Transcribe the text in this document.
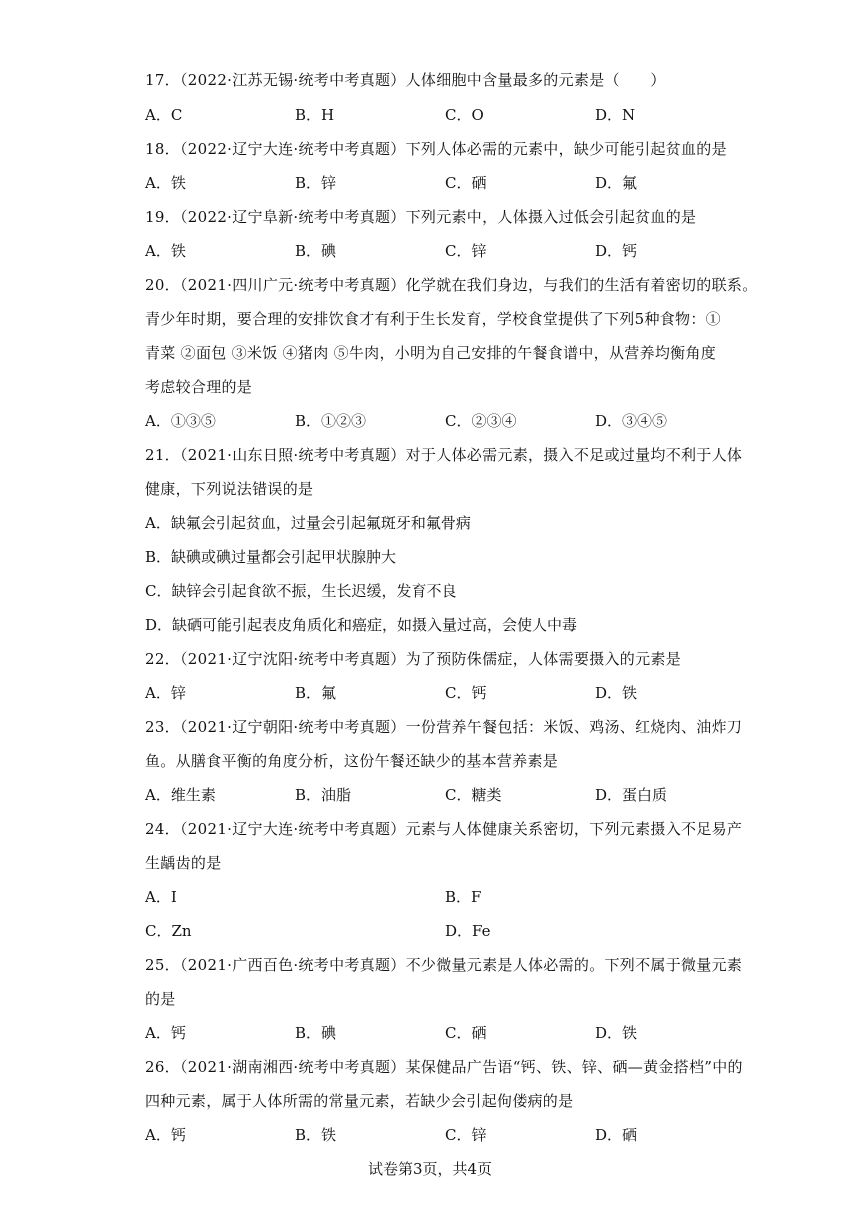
17．（2022·江苏无锡·统考中考真题）人体细胞中含量最多的元素是（　　）
A．C	B．H	C．O	D．N
18．（2022·辽宁大连·统考中考真题）下列人体必需的元素中，缺少可能引起贫血的是
A．铁	B．锌	C．硒	D．氟
19．（2022·辽宁阜新·统考中考真题）下列元素中，人体摄入过低会引起贫血的是
A．铁	B．碘	C．锌	D．钙
20．（2021·四川广元·统考中考真题）化学就在我们身边，与我们的生活有着密切的联系。
青少年时期，要合理的安排饮食才有利于生长发育，学校食堂提供了下列5种食物：①
青菜 ②面包 ③米饭 ④猪肉 ⑤牛肉，小明为自己安排的午餐食谱中，从营养均衡角度
考虑较合理的是
A．①③⑤	B．①②③	C．②③④	D．③④⑤
21．（2021·山东日照·统考中考真题）对于人体必需元素，摄入不足或过量均不利于人体
健康，下列说法错误的是
A．缺氟会引起贫血，过量会引起氟斑牙和氟骨病
B．缺碘或碘过量都会引起甲状腺肿大
C．缺锌会引起食欲不振，生长迟缓，发育不良
D．缺硒可能引起表皮角质化和癌症，如摄入量过高，会使人中毒
22．（2021·辽宁沈阳·统考中考真题）为了预防侏儒症，人体需要摄入的元素是
A．锌	B．氟	C．钙	D．铁
23．（2021·辽宁朝阳·统考中考真题）一份营养午餐包括：米饭、鸡汤、红烧肉、油炸刀
鱼。从膳食平衡的角度分析，这份午餐还缺少的基本营养素是
A．维生素	B．油脂	C．糖类	D．蛋白质
24．（2021·辽宁大连·统考中考真题）元素与人体健康关系密切，下列元素摄入不足易产
生龋齿的是
A．I	B．F
C．Zn	D．Fe
25．（2021·广西百色·统考中考真题）不少微量元素是人体必需的。下列不属于微量元素
的是
A．钙	B．碘	C．硒	D．铁
26．（2021·湖南湘西·统考中考真题）某保健品广告语“钙、铁、锌、硒—黄金搭档”中的
四种元素，属于人体所需的常量元素，若缺少会引起佝偻病的是
A．钙	B．铁	C．锌	D．硒
试卷第3页，共4页
